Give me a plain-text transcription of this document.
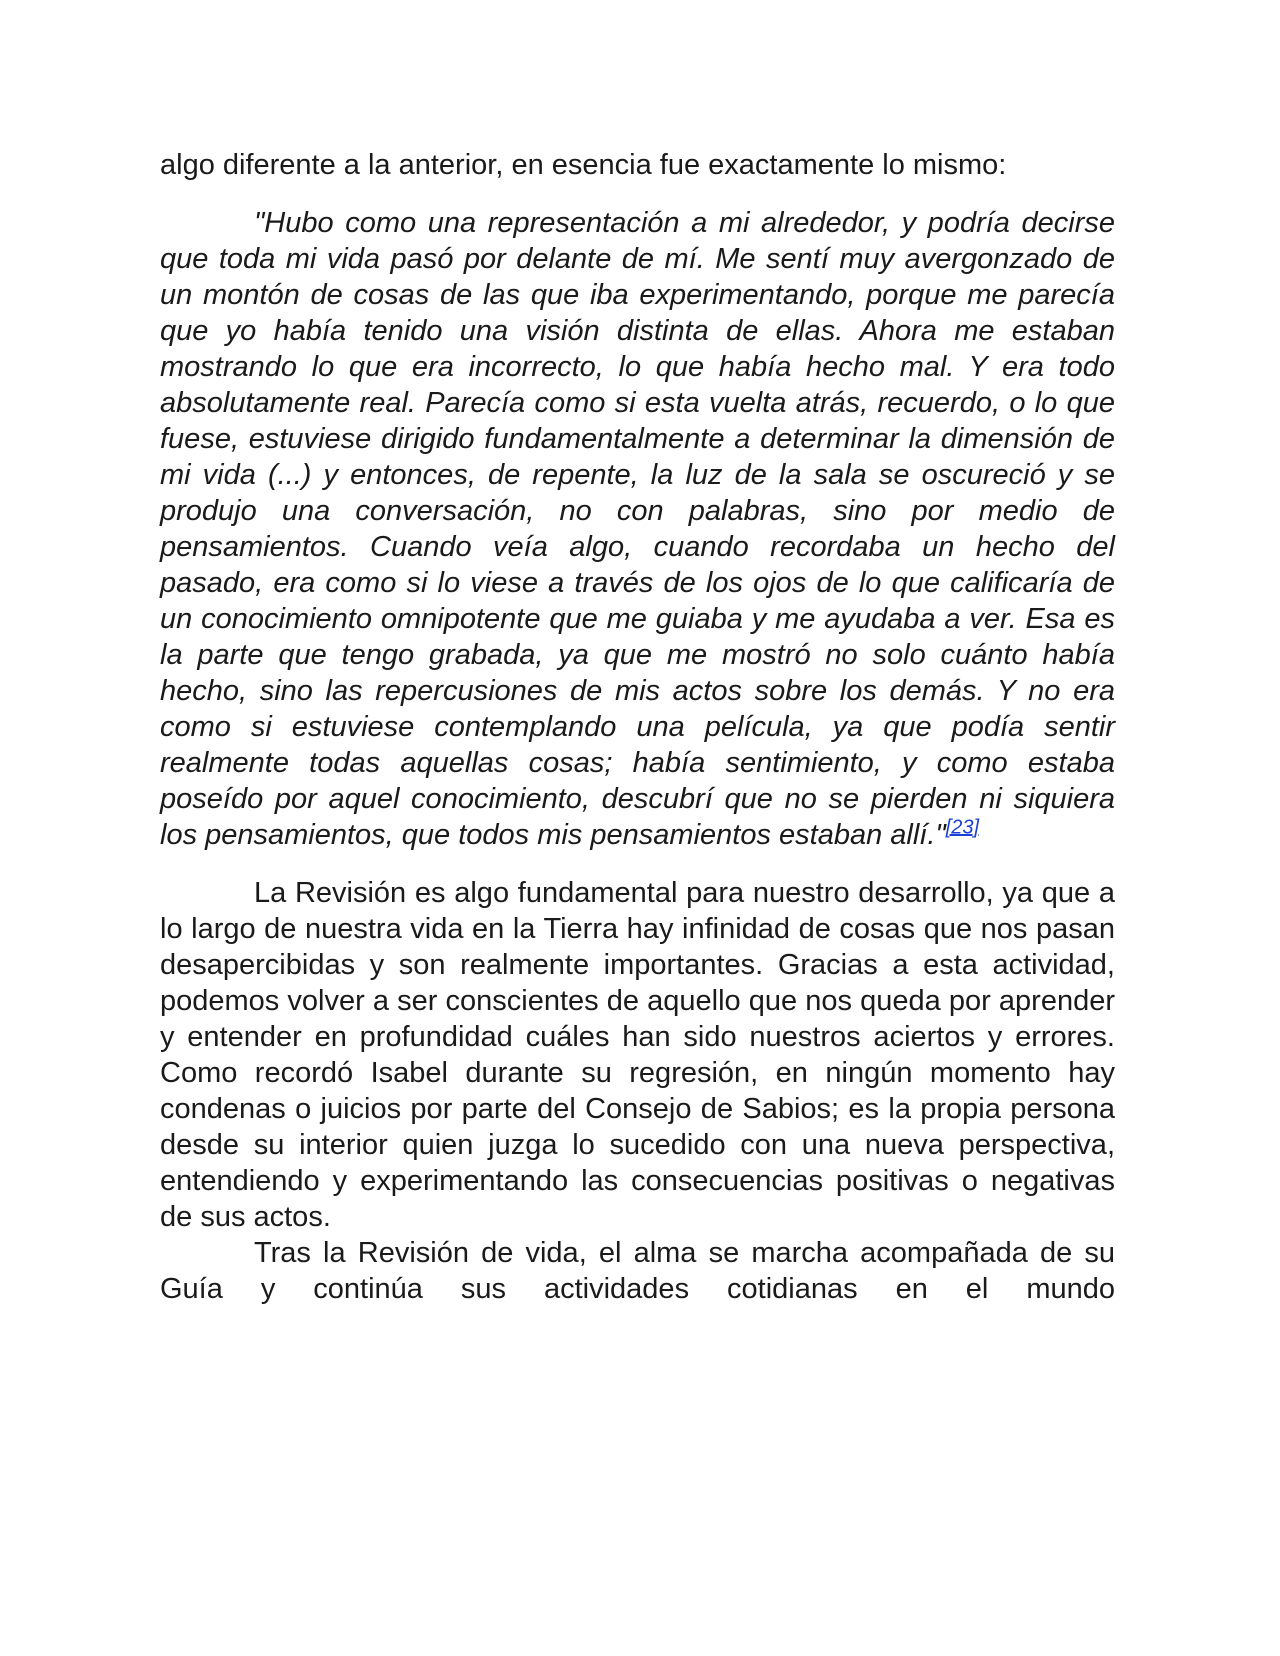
algo diferente a la anterior, en esencia fue exactamente lo mismo:

"Hubo como una representación a mi alrededor, y podría decirse que toda mi vida pasó por delante de mí. Me sentí muy avergonzado de un montón de cosas de las que iba experimentando, porque me parecía que yo había tenido una visión distinta de ellas. Ahora me estaban mostrando lo que era incorrecto, lo que había hecho mal. Y era todo absolutamente real. Parecía como si esta vuelta atrás, recuerdo, o lo que fuese, estuviese dirigido fundamentalmente a determinar la dimensión de mi vida (...) y entonces, de repente, la luz de la sala se oscureció y se produjo una conversación, no con palabras, sino por medio de pensamientos. Cuando veía algo, cuando recordaba un hecho del pasado, era como si lo viese a través de los ojos de lo que calificaría de un conocimiento omnipotente que me guiaba y me ayudaba a ver. Esa es la parte que tengo grabada, ya que me mostró no solo cuánto había hecho, sino las repercusiones de mis actos sobre los demás. Y no era como si estuviese contemplando una película, ya que podía sentir realmente todas aquellas cosas; había sentimiento, y como estaba poseído por aquel conocimiento, descubrí que no se pierden ni siquiera los pensamientos, que todos mis pensamientos estaban allí."[23]

La Revisión es algo fundamental para nuestro desarrollo, ya que a lo largo de nuestra vida en la Tierra hay infinidad de cosas que nos pasan desapercibidas y son realmente importantes. Gracias a esta actividad, podemos volver a ser conscientes de aquello que nos queda por aprender y entender en profundidad cuáles han sido nuestros aciertos y errores. Como recordó Isabel durante su regresión, en ningún momento hay condenas o juicios por parte del Consejo de Sabios; es la propia persona desde su interior quien juzga lo sucedido con una nueva perspectiva, entendiendo y experimentando las consecuencias positivas o negativas de sus actos.

Tras la Revisión de vida, el alma se marcha acompañada de su Guía y continúa sus actividades cotidianas en el mundo
